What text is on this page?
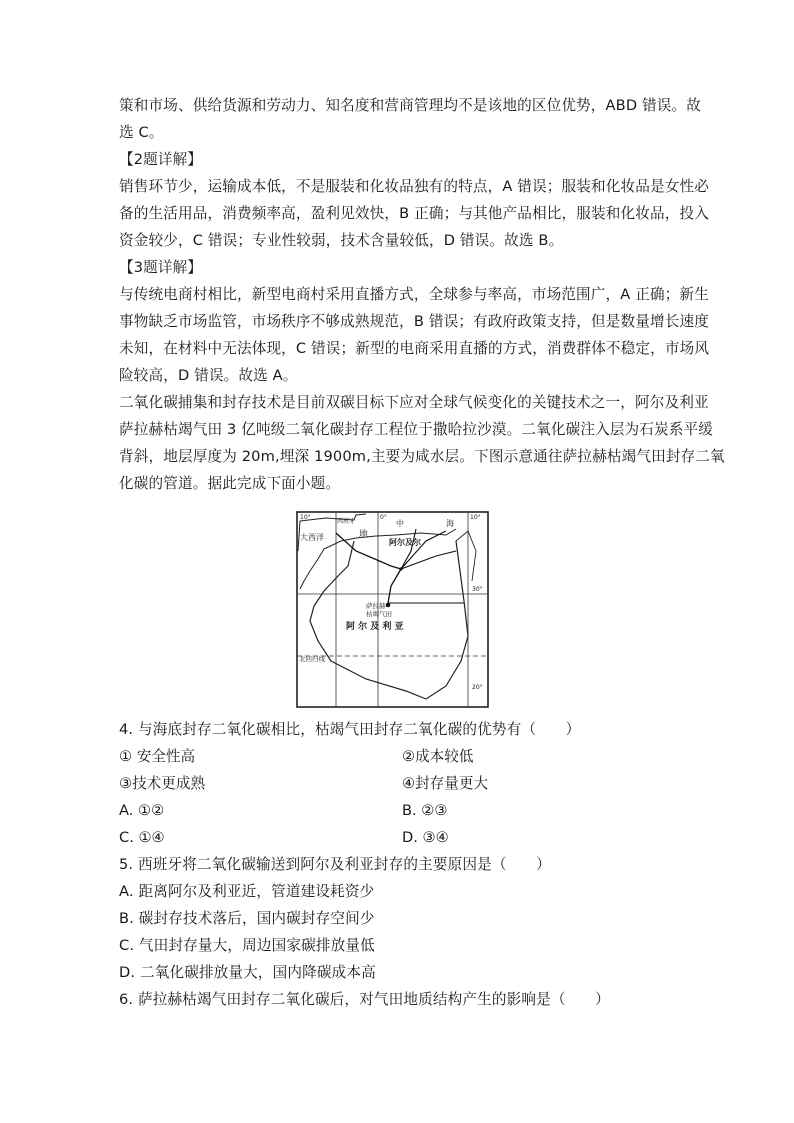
策和市场、供给货源和劳动力、知名度和营商管理均不是该地的区位优势，ABD 错误。故
选 C。
【2题详解】
销售环节少，运输成本低，不是服装和化妆品独有的特点，A 错误；服装和化妆品是女性必
备的生活用品，消费频率高，盈利见效快，B 正确；与其他产品相比，服装和化妆品，投入
资金较少，C 错误；专业性较弱，技术含量较低，D 错误。故选 B。
【3题详解】
与传统电商村相比，新型电商村采用直播方式，全球参与率高，市场范围广，A 正确；新生
事物缺乏市场监管，市场秩序不够成熟规范，B 错误；有政府政策支持，但是数量增长速度
未知，在材料中无法体现，C 错误；新型的电商采用直播的方式，消费群体不稳定，市场风
险较高，D 错误。故选 A。
二氧化碳捕集和封存技术是目前双碳目标下应对全球气候变化的关键技术之一，阿尔及利亚
萨拉赫枯竭气田 3 亿吨级二氧化碳封存工程位于撒哈拉沙漠。二氧化碳注入层为石炭系平缓
背斜，地层厚度为 20m,埋深 1900m,主要为咸水层。下图示意通往萨拉赫枯竭气田封存二氧
化碳的管道。据此完成下面小题。
西班牙
大西洋	地
中	海
阿尔及尔
萨拉赫
枯竭气田
阿 尔 及 利 亚
北回归线
10°	0°	10°
30°
20°
4. 与海底封存二氧化碳相比，枯竭气田封存二氧化碳的优势有（　　）
① 安全性高	②成本较低
③技术更成熟	④封存量更大
A. ①②	B. ②③
C. ①④	D. ③④
5. 西班牙将二氧化碳输送到阿尔及利亚封存的主要原因是（　　）
A. 距离阿尔及利亚近，管道建设耗资少
B. 碳封存技术落后，国内碳封存空间少
C. 气田封存量大，周边国家碳排放量低
D. 二氧化碳排放量大，国内降碳成本高
6. 萨拉赫枯竭气田封存二氧化碳后，对气田地质结构产生的影响是（　　）
